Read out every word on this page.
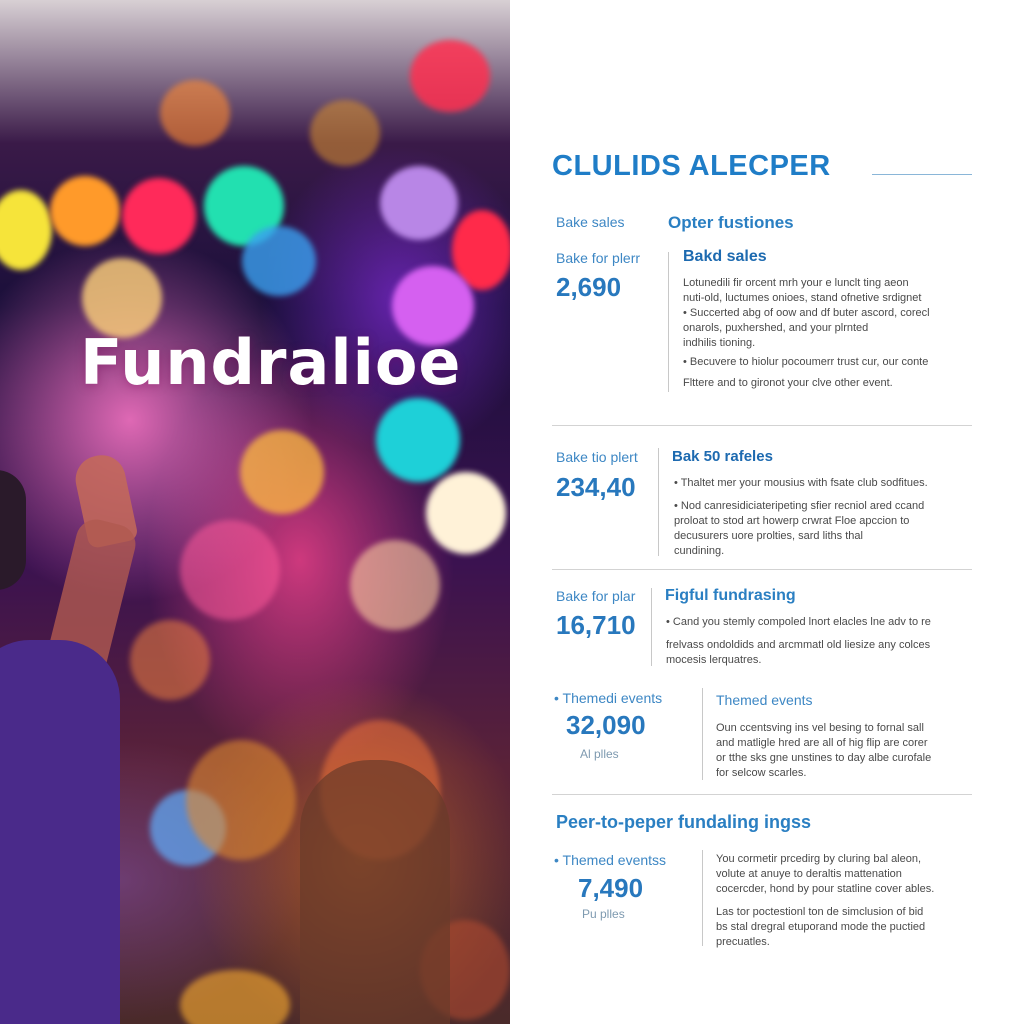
Fundralioe
CLULIDS ALECPER
Bake sales	Opter fustiones
Bake for plerr
2,690
Bakd sales

Lotunedili fir orcent mrh your e lunclt ting aeon

nuti-old, luctumes onioes, stand ofnetive srdignet

• Succerted abg of oow and df buter ascord, corecl

onarols, puxhershed, and your plrnted

indhilis tioning.

• Becuvere to hiolur pocoumerr trust cur, our conte

Flttere and to gironot your clve other event.

Bake tio plert
234,40
Bak 50 rafeles

• Thaltet mer your mousius with fsate club sodfitues.

• Nod canresidiciateripeting sfier recniol ared ccand

proloat to stod art howerp crwrat Floe apccion to

decusurers uore prolties, sard liths thal

cundining.

Bake for plar
16,710
Figful fundrasing

• Cand you stemly compoled lnort elacles lne adv to re

frelvass ondoldids and arcmmatl old liesize any colces

mocesis lerquatres.

• Themedi events
32,090
Al plles
Themed events

Oun ccentsving ins vel besing to fornal sall

and matligle hred are all of hig flip are corer

or tthe sks gne unstines to day albe curofale

for selcow scarles.

Peer-to-peper fundaling ingss
• Themed eventss
7,490
Pu plles

You cormetir prcedirg by cluring bal aleon,

volute at anuye to deraltis mattenation

cocercder, hond by pour statline cover ables.

Las tor poctestionl ton de simclusion of bid

bs stal dregral etuporand mode the puctied

precuatles.
